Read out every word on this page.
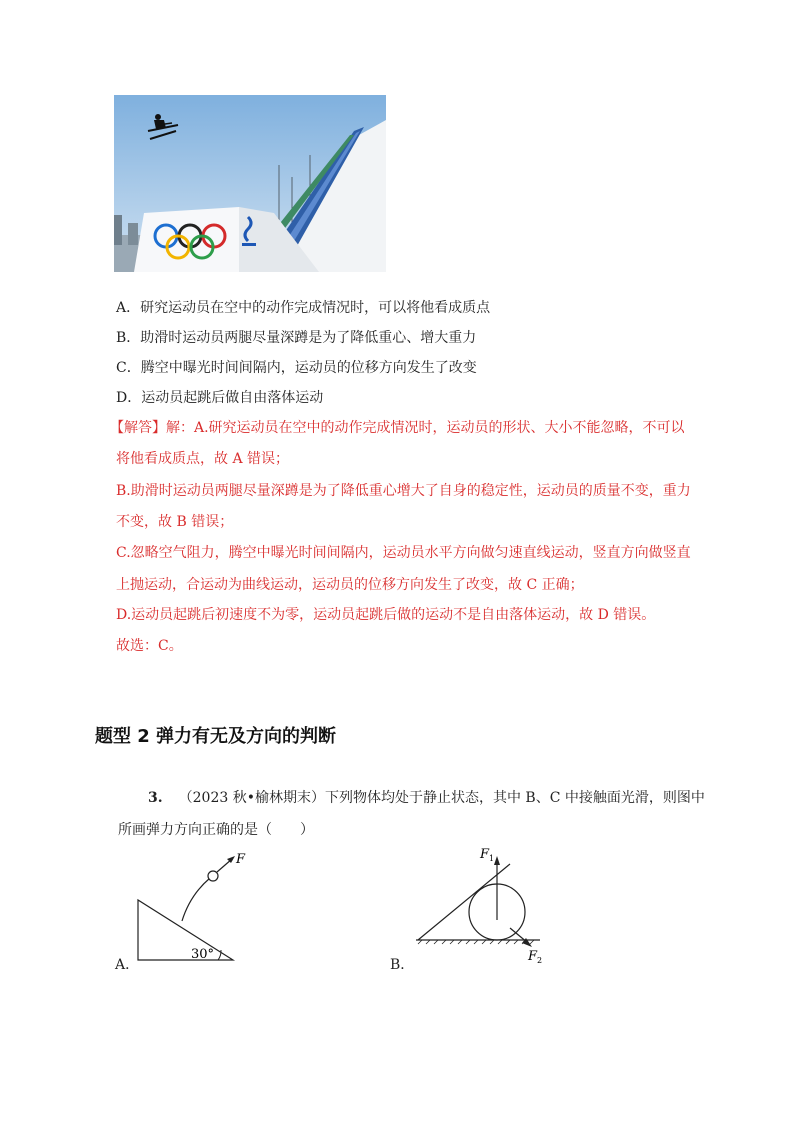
A．研究运动员在空中的动作完成情况时，可以将他看成质点
B．助滑时运动员两腿尽量深蹲是为了降低重心、增大重力
C．腾空中曝光时间间隔内，运动员的位移方向发生了改变
D．运动员起跳后做自由落体运动
【解答】解：A.研究运动员在空中的动作完成情况时，运动员的形状、大小不能忽略，不可以
将他看成质点，故 A 错误；
B.助滑时运动员两腿尽量深蹲是为了降低重心增大了自身的稳定性，运动员的质量不变，重力
不变，故 B 错误；
C.忽略空气阻力，腾空中曝光时间间隔内，运动员水平方向做匀速直线运动，竖直方向做竖直
上抛运动，合运动为曲线运动，运动员的位移方向发生了改变，故 C 正确；
D.运动员起跳后初速度不为零，运动员起跳后做的运动不是自由落体运动，故 D 错误。
故选：C。
题型 2 弹力有无及方向的判断
3. （2023 秋•榆林期末）下列物体均处于静止状态，其中 B、C 中接触面光滑，则图中
所画弹力方向正确的是（　　）
30°
F
A．
F 1
F 2
B．
